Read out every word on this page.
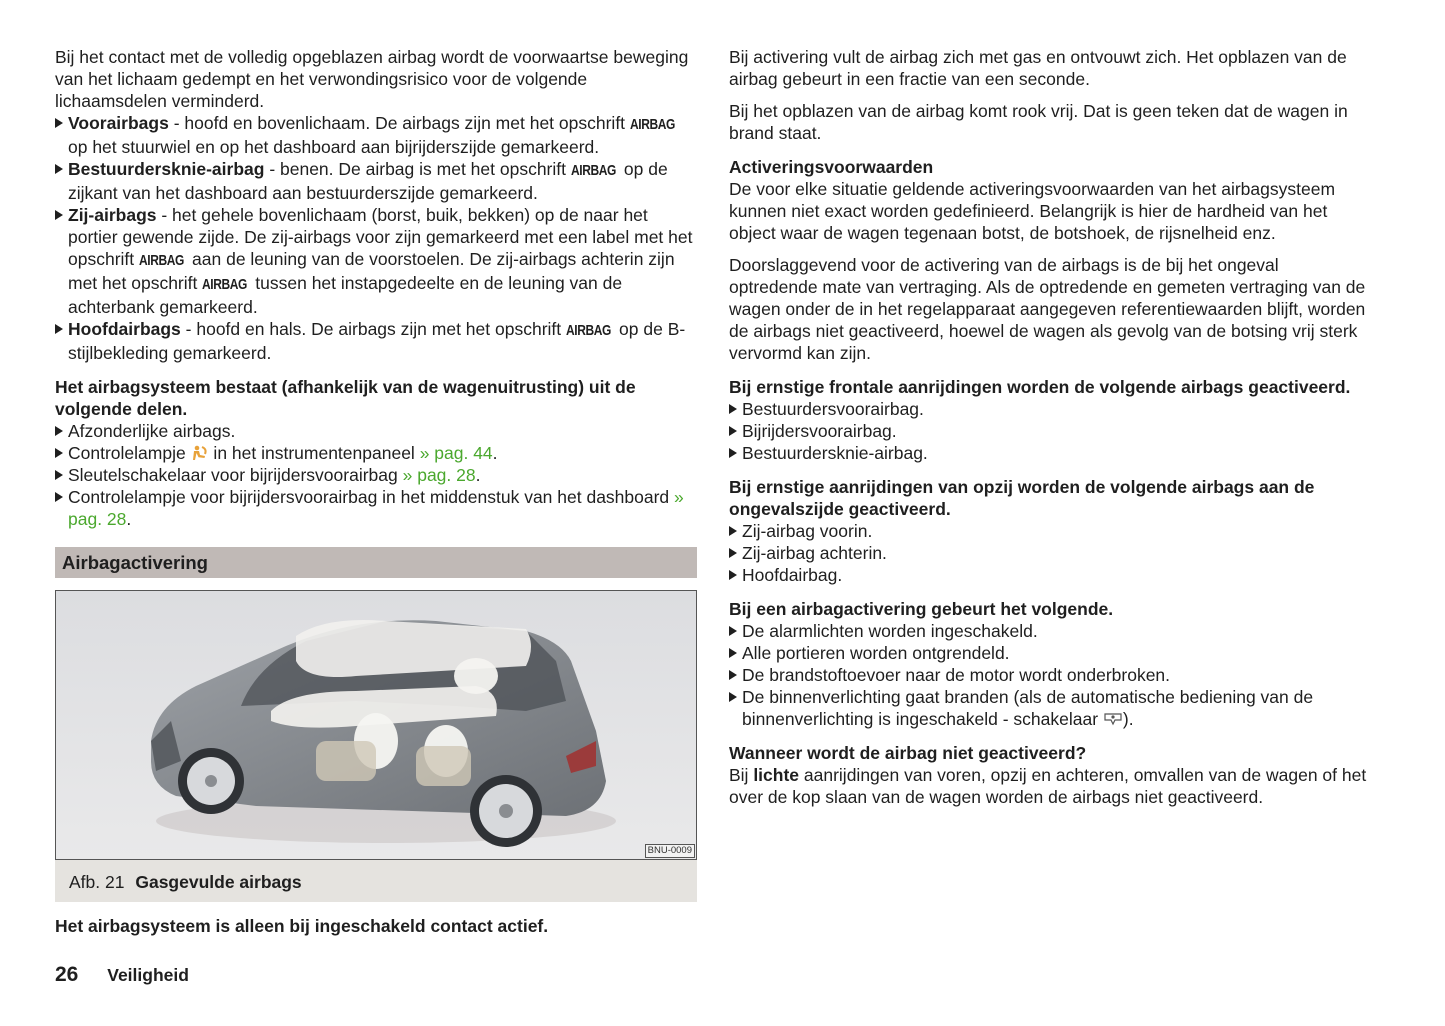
Bij het contact met de volledig opgeblazen airbag wordt de voorwaartse beweging van het lichaam gedempt en het verwondingsrisico voor de volgende lichaamsdelen verminderd.

Voorairbags - hoofd en bovenlichaam. De airbags zijn met het opschrift AIRBAG op het stuurwiel en op het dashboard aan bijrijderszijde gemarkeerd.
Bestuurdersknie-airbag - benen. De airbag is met het opschrift AIRBAG op de zijkant van het dashboard aan bestuurderszijde gemarkeerd.
Zij-airbags - het gehele bovenlichaam (borst, buik, bekken) op de naar het portier gewende zijde. De zij-airbags voor zijn gemarkeerd met een label met het opschrift AIRBAG aan de leuning van de voorstoelen. De zij-airbags achterin zijn met het opschrift AIRBAG tussen het instapgedeelte en de leuning van de achterbank gemarkeerd.
Hoofdairbags - hoofd en hals. De airbags zijn met het opschrift AIRBAG op de B-stijlbekleding gemarkeerd.

Het airbagsysteem bestaat (afhankelijk van de wagenuitrusting) uit de volgende delen.

Afzonderlijke airbags.
Controlelampje  in het instrumentenpaneel » pag. 44.
Sleutelschakelaar voor bijrijdersvoorairbag » pag. 28.
Controlelampje voor bijrijdersvoorairbag in het middenstuk van het dashboard » pag. 28.
Airbagactivering
BNU-0009
Afb. 21 Gasgevulde airbags

Het airbagsysteem is alleen bij ingeschakeld contact actief.

Bij activering vult de airbag zich met gas en ontvouwt zich. Het opblazen van de airbag gebeurt in een fractie van een seconde.

Bij het opblazen van de airbag komt rook vrij. Dat is geen teken dat de wagen in brand staat.

Activeringsvoorwaarden

De voor elke situatie geldende activeringsvoorwaarden van het airbagsysteem kunnen niet exact worden gedefinieerd. Belangrijk is hier de hardheid van het object waar de wagen tegenaan botst, de botshoek, de rijsnelheid enz.

Doorslaggevend voor de activering van de airbags is de bij het ongeval optredende mate van vertraging. Als de optredende en gemeten vertraging van de wagen onder de in het regelapparaat aangegeven referentiewaarden blijft, worden de airbags niet geactiveerd, hoewel de wagen als gevolg van de botsing vrij sterk vervormd kan zijn.

Bij ernstige frontale aanrijdingen worden de volgende airbags geactiveerd.

Bestuurdersvoorairbag.
Bijrijdersvoorairbag.
Bestuurdersknie-airbag.

Bij ernstige aanrijdingen van opzij worden de volgende airbags aan de ongevalszijde geactiveerd.

Zij-airbag voorin.
Zij-airbag achterin.
Hoofdairbag.

Bij een airbagactivering gebeurt het volgende.

De alarmlichten worden ingeschakeld.
Alle portieren worden ontgrendeld.
De brandstoftoevoer naar de motor wordt onderbroken.
De binnenverlichting gaat branden (als de automatische bediening van de binnenverlichting is ingeschakeld - schakelaar ).

Wanneer wordt de airbag niet geactiveerd?

Bij lichte aanrijdingen van voren, opzij en achteren, omvallen van de wagen of het over de kop slaan van de wagen worden de airbags niet geactiveerd.

26 Veiligheid
